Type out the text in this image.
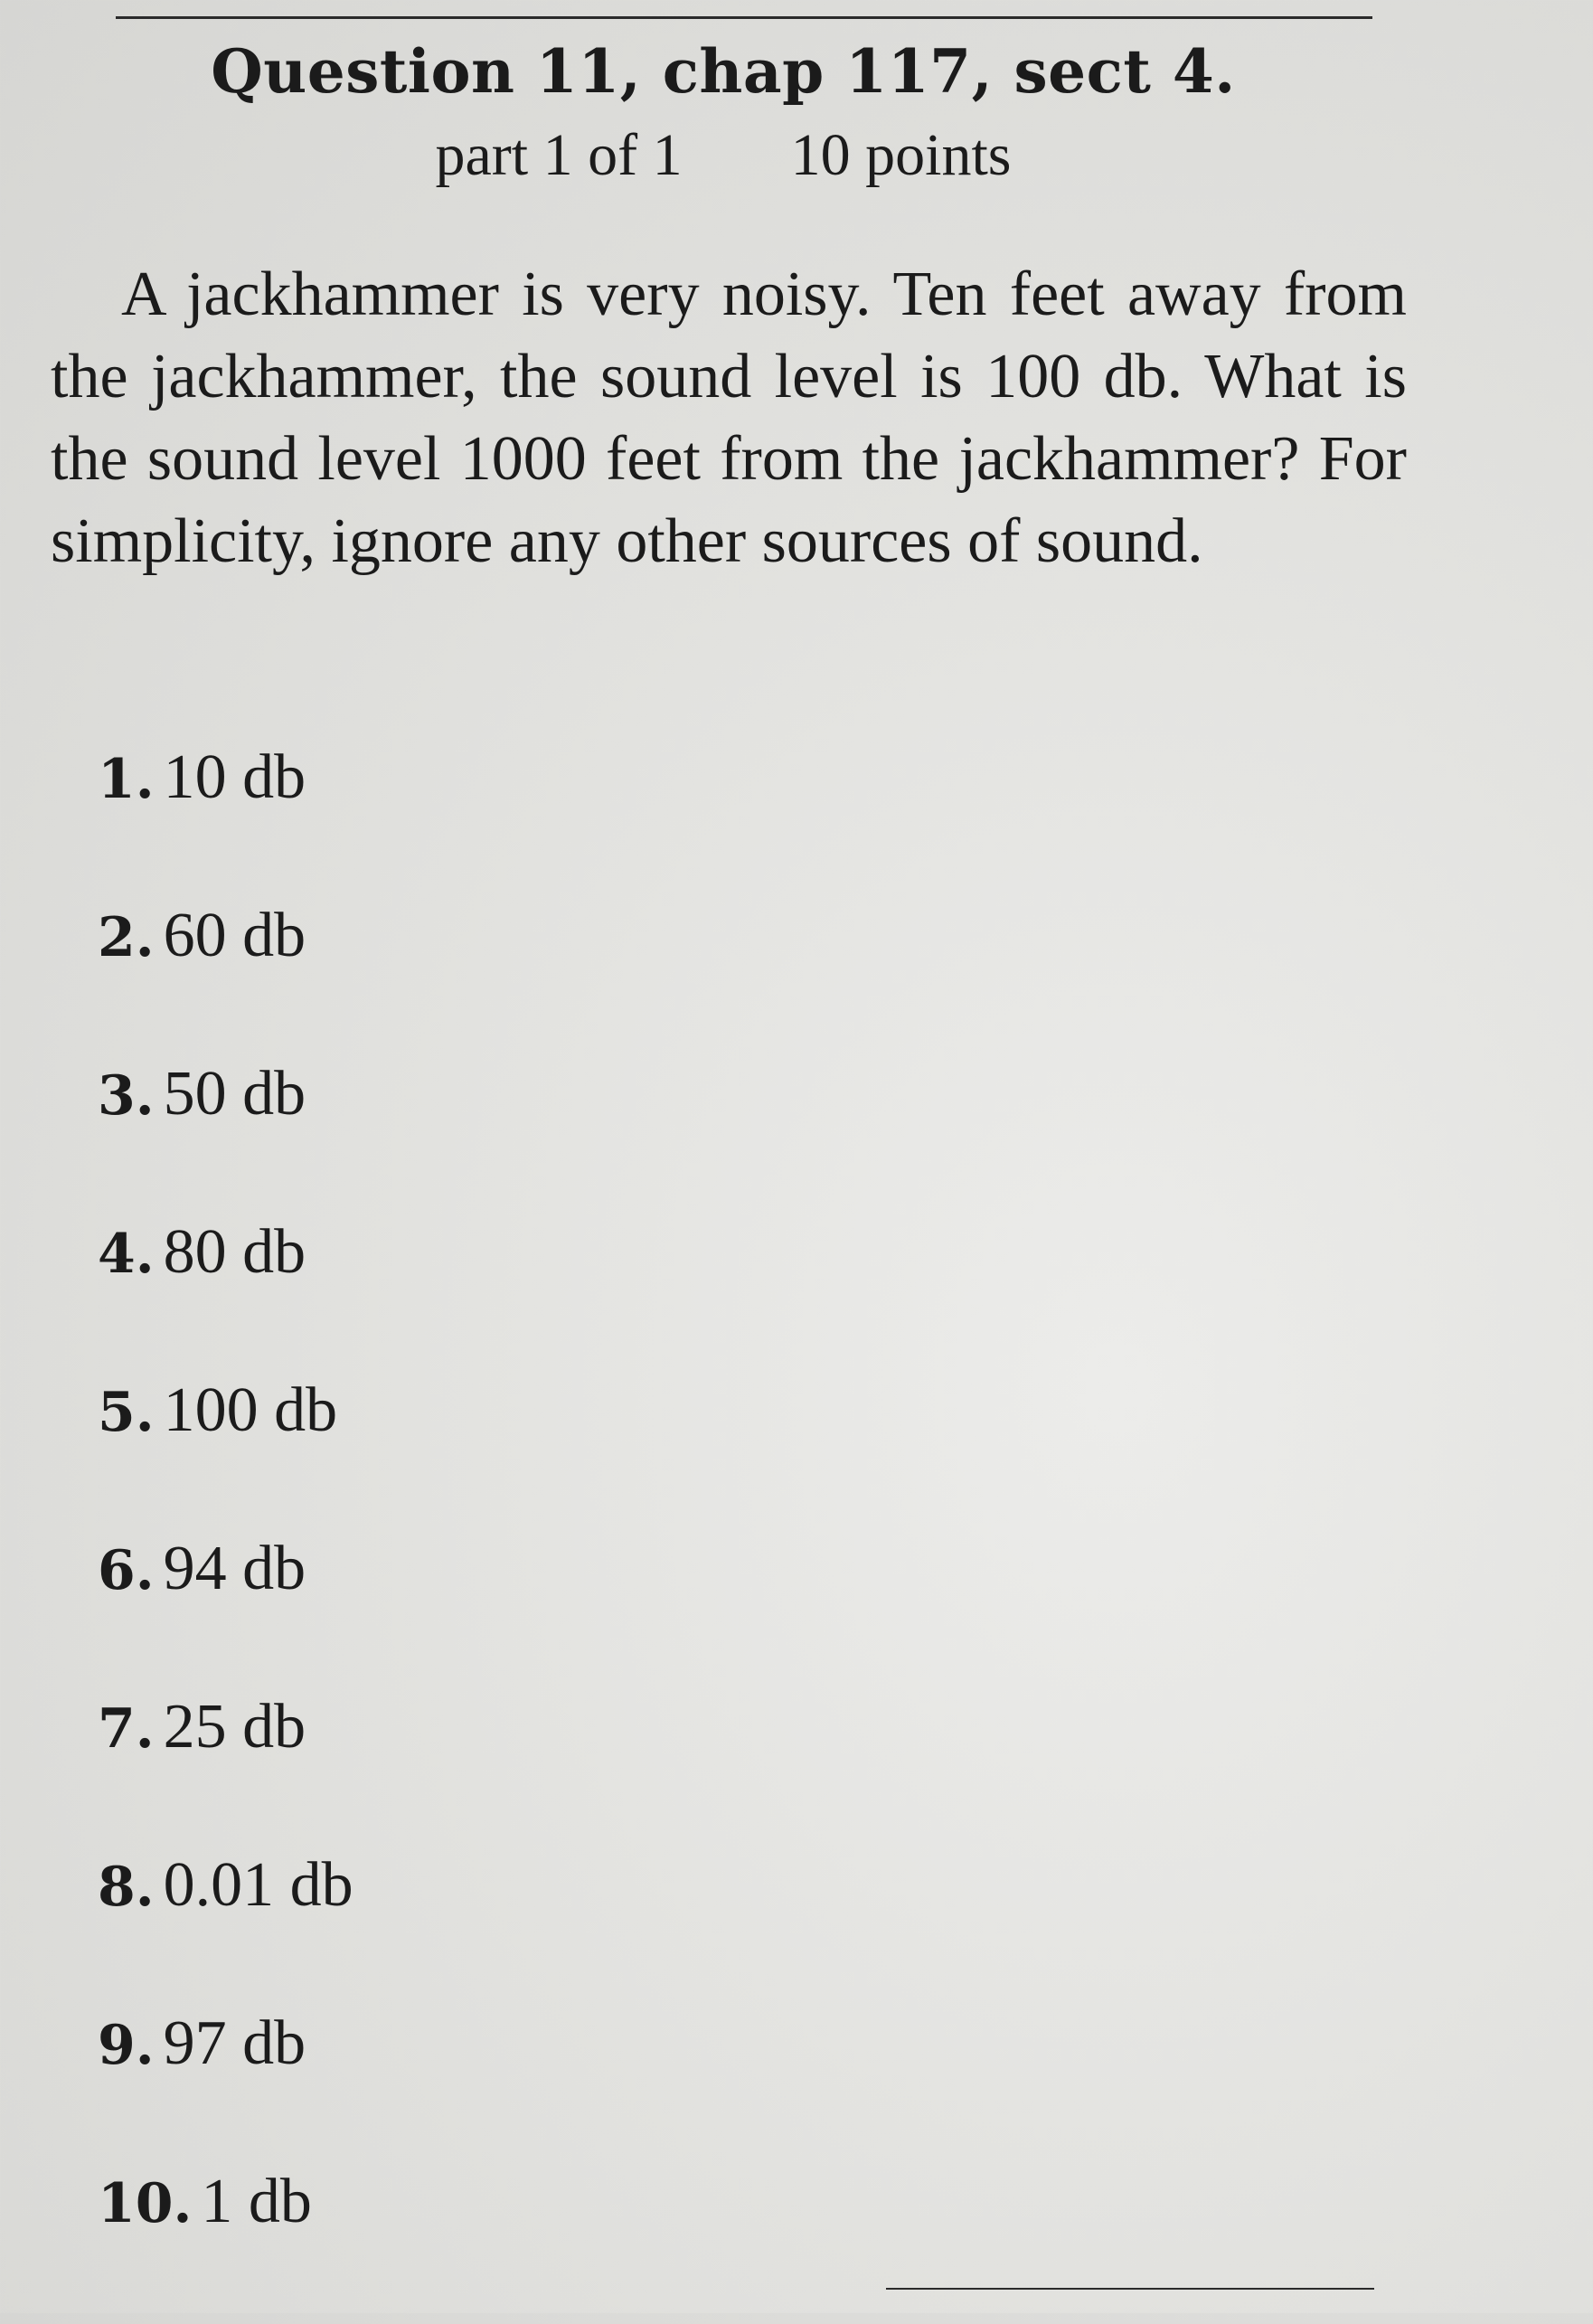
Question 11, chap 117, sect 4.
part 1 of 1 10 points
A jackhammer is very noisy. Ten feet away from the jackhammer, the sound level is 100 db. What is the sound level 1000 feet from the jackhammer? For simplicity, ignore any other sources of sound.
1. 10 db
2. 60 db
3. 50 db
4. 80 db
5. 100 db
6. 94 db
7. 25 db
8. 0.01 db
9. 97 db
10. 1 db
